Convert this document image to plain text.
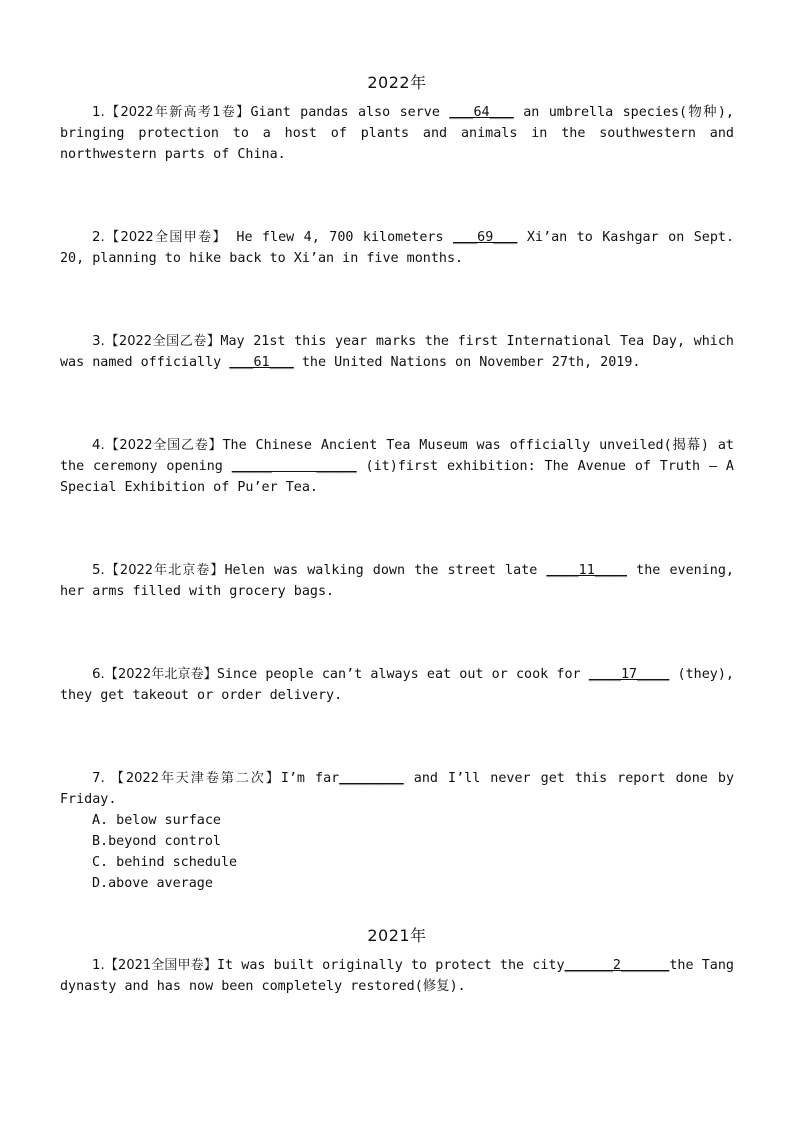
2022年
1.【2022年新高考1卷】Giant pandas also serve ___64___ an umbrella species(物种), bringing protection to a host of plants and animals in the southwestern and northwestern parts of China.
2.【2022全国甲卷】 He flew 4, 700 kilometers ___69___ Xi’an to Kashgar on Sept. 20, planning to hike back to Xi’an in five months.
3.【2022全国乙卷】May 21st this year marks the first International Tea Day, which was named officially ___61___ the United Nations on November 27th, 2019.
4.【2022全国乙卷】The Chinese Ancient Tea Museum was officially unveiled(揭幕) at the ceremony opening _____     _____ (it)first exhibition: The Avenue of Truth — A Special Exhibition of Pu’er Tea.
5.【2022年北京卷】Helen was walking down the street late ____11____ the evening, her arms filled with grocery bags.
6.【2022年北京卷】Since people can’t always eat out or cook for ____17____ (they), they get takeout or order delivery.
7. 【2022年天津卷第二次】I’m far________ and I’ll never get this report done by Friday.
A. below surface
B.beyond control
C. behind schedule
D.above average
2021年
1.【2021全国甲卷】It was built originally to protect the city______2______the Tang dynasty and has now been completely restored(修复).
